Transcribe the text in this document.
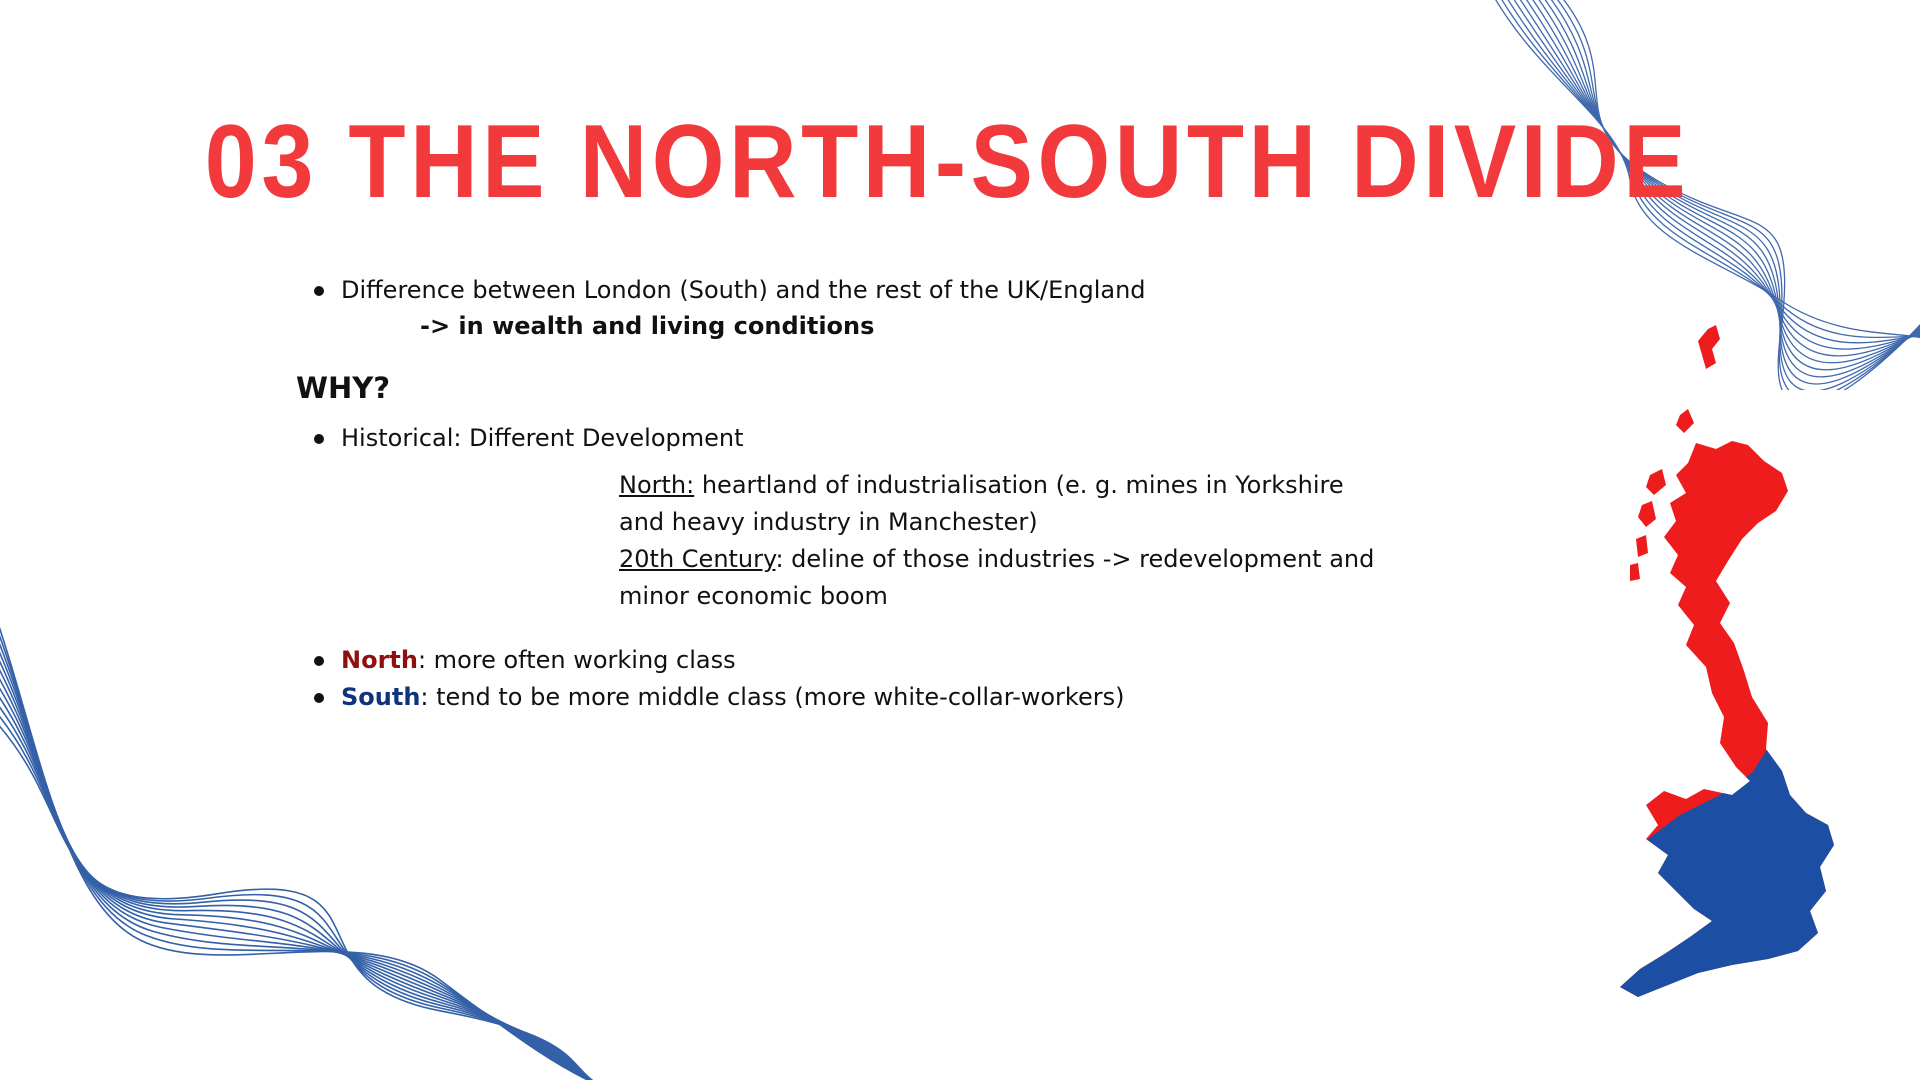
03 THE NORTH-SOUTH DIVIDE
Difference between London (South) and the rest of the UK/England
-> in wealth and living conditions
WHY?
Historical: Different Development
North: heartland of industrialisation (e. g. mines in Yorkshire
and heavy industry in Manchester)
20th Century: deline of those industries -> redevelopment and
minor economic boom
North: more often working class
South: tend to be more middle class (more white-collar-workers)
